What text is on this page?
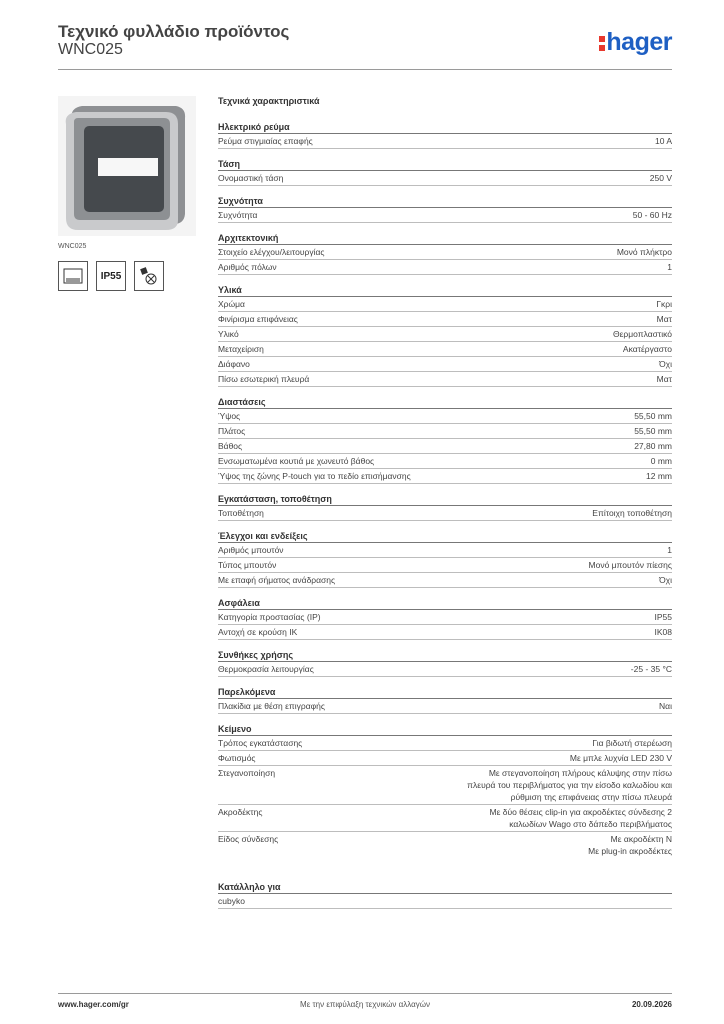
Τεχνικό φυλλάδιο προϊόντος
WNC025	hager
WNC025
IP55
Τεχνικά χαρακτηριστικά
Ηλεκτρικό ρεύμα
Ρεύμα στιγμιαίας επαφής	10 A
Τάση
Ονομαστική τάση	250 V
Συχνότητα
Συχνότητα	50 - 60 Hz
Αρχιτεκτονική
Στοιχείο ελέγχου/λειτουργίας	Μονό πλήκτρο
Αριθμός πόλων	1
Υλικά
Χρώμα	Γκρι
Φινίρισμα επιφάνειας	Ματ
Υλικό	Θερμοπλαστικό
Μεταχείριση	Ακατέργαστο
Διάφανο	Όχι
Πίσω εσωτερική πλευρά	Ματ
Διαστάσεις
Ύψος	55,50 mm
Πλάτος	55,50 mm
Βάθος	27,80 mm
Ενσωματωμένα κουτιά με χωνευτό βάθος	0 mm
Ύψος της ζώνης P-touch για το πεδίο επισήμανσης	12 mm
Εγκατάσταση, τοποθέτηση
Τοποθέτηση	Επίτοιχη τοποθέτηση
Έλεγχοι και ενδείξεις
Αριθμός μπουτόν	1
Τύπος μπουτόν	Μονό μπουτόν πίεσης
Με επαφή σήματος ανάδρασης	Όχι
Ασφάλεια
Κατηγορία προστασίας (IP)	IP55
Αντοχή σε κρούση IK	IK08
Συνθήκες χρήσης
Θερμοκρασία λειτουργίας	-25 - 35 °C
Παρελκόμενα
Πλακίδια με θέση επιγραφής	Ναι
Κείμενο
Τρόπος εγκατάστασης	Για βιδωτή στερέωση
Φωτισμός	Με μπλε λυχνία LED 230 V
Στεγανοποίηση	Με στεγανοποίηση πλήρους κάλυψης στην πίσω
πλευρά του περιβλήματος για την είσοδο καλωδίου και
ρύθμιση της επιφάνειας στην πίσω πλευρά
Ακροδέκτης	Με δύο θέσεις clip-in για ακροδέκτες σύνδεσης 2
καλωδίων Wago στο δάπεδο περιβλήματος
Είδος σύνδεσης	Με ακροδέκτη N
Με plug-in ακροδέκτες
Κατάλληλο για
cubyko
www.hager.com/gr	Με την επιφύλαξη τεχνικών αλλαγών	20.09.2026
